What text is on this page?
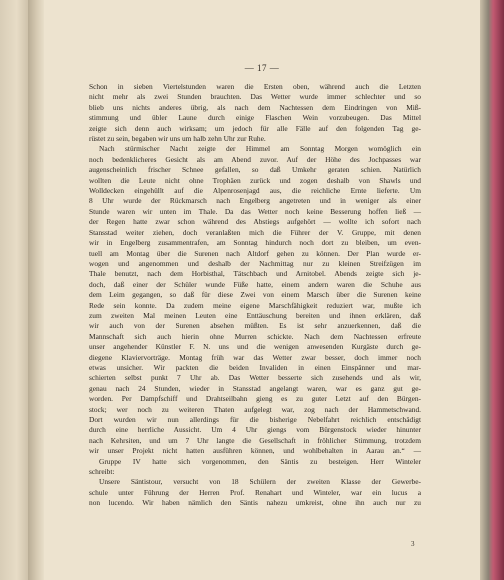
— 17 —
Schon in sieben Viertelstunden waren die Ersten oben, während auch die Letzten
nicht mehr als zwei Stunden brauchten. Das Wetter wurde immer schlechter und so
blieb uns nichts anderes übrig, als nach dem Nachtessen dem Eindringen von Miß-
stimmung und übler Laune durch einige Flaschen Wein vorzubeugen. Das Mittel
zeigte sich denn auch wirksam; um jedoch für alle Fälle auf den folgenden Tag ge-
rüstet zu sein, begaben wir uns um halb zehn Uhr zur Ruhe.
Nach stürmischer Nacht zeigte der Himmel am Sonntag Morgen womöglich ein
noch bedenklicheres Gesicht als am Abend zuvor. Auf der Höhe des Jochpasses war
augenscheinlich frischer Schnee gefallen, so daß Umkehr geraten schien. Natürlich
wollten die Leute nicht ohne Trophäen zurück und zogen deshalb von Shawls und
Wolldecken eingehüllt auf die Alpenrosenjagd aus, die reichliche Ernte lieferte. Um
8 Uhr wurde der Rückmarsch nach Engelberg angetreten und in weniger als einer
Stunde waren wir unten im Thale. Da das Wetter noch keine Besserung hoffen ließ —
der Regen hatte zwar schon während des Abstiegs aufgehört — wollte ich sofort nach
Stansstad weiter ziehen, doch veranlaßten mich die Führer der V. Gruppe, mit denen
wir in Engelberg zusammentrafen, am Sonntag hindurch noch dort zu bleiben, um even-
tuell am Montag über die Surenen nach Altdorf gehen zu können. Der Plan wurde er-
wogen und angenommen und deshalb der Nachmittag nur zu kleinen Streifzügen im
Thale benutzt, nach dem Horbisthal, Tätschbach und Arnitobel. Abends zeigte sich je-
doch, daß einer der Schüler wunde Füße hatte, einem andern waren die Schuhe aus
dem Leim gegangen, so daß für diese Zwei von einem Marsch über die Surenen keine
Rede sein konnte. Da zudem meine eigene Marschfähigkeit reduziert war, mußte ich
zum zweiten Mal meinen Leuten eine Enttäuschung bereiten und ihnen erklären, daß
wir auch von der Surenen absehen müßten. Es ist sehr anzuerkennen, daß die
Mannschaft sich auch hierin ohne Murren schickte. Nach dem Nachtessen erfreute
unser angehender Künstler F. N. uns und die wenigen anwesenden Kurgäste durch ge-
diegene Klaviervorträge. Montag früh war das Wetter zwar besser, doch immer noch
etwas unsicher. Wir packten die beiden Invaliden in einen Einspänner und mar-
schierten selbst punkt 7 Uhr ab. Das Wetter besserte sich zusehends und als wir,
genau nach 24 Stunden, wieder in Stansstad angelangt waren, war es ganz gut ge-
worden. Per Dampfschiff und Drahtseilbahn gieng es zu guter Letzt auf den Bürgen-
stock; wer noch zu weiteren Thaten aufgelegt war, zog nach der Hammetschwand.
Dort wurden wir nun allerdings für die bisherige Nebelfahrt reichlich entschädigt
durch eine herrliche Aussicht. Um 4 Uhr giengs vom Bürgenstock wieder hinunter
nach Kehrsiten, und um 7 Uhr langte die Gesellschaft in fröhlicher Stimmung, trotzdem
wir unser Projekt nicht hatten ausführen können, und wohlbehalten in Aarau an.“ —
Gruppe IV hatte sich vorgenommen, den Säntis zu besteigen. Herr Winteler
schreibt:
Unsere Säntistour, versucht von 18 Schülern der zweiten Klasse der Gewerbe-
schule unter Führung der Herren Prof. Renahart und Winteler, war ein lucus a
non lucendo. Wir haben nämlich den Säntis nahezu umkreist, ohne ihn auch nur zu
3
